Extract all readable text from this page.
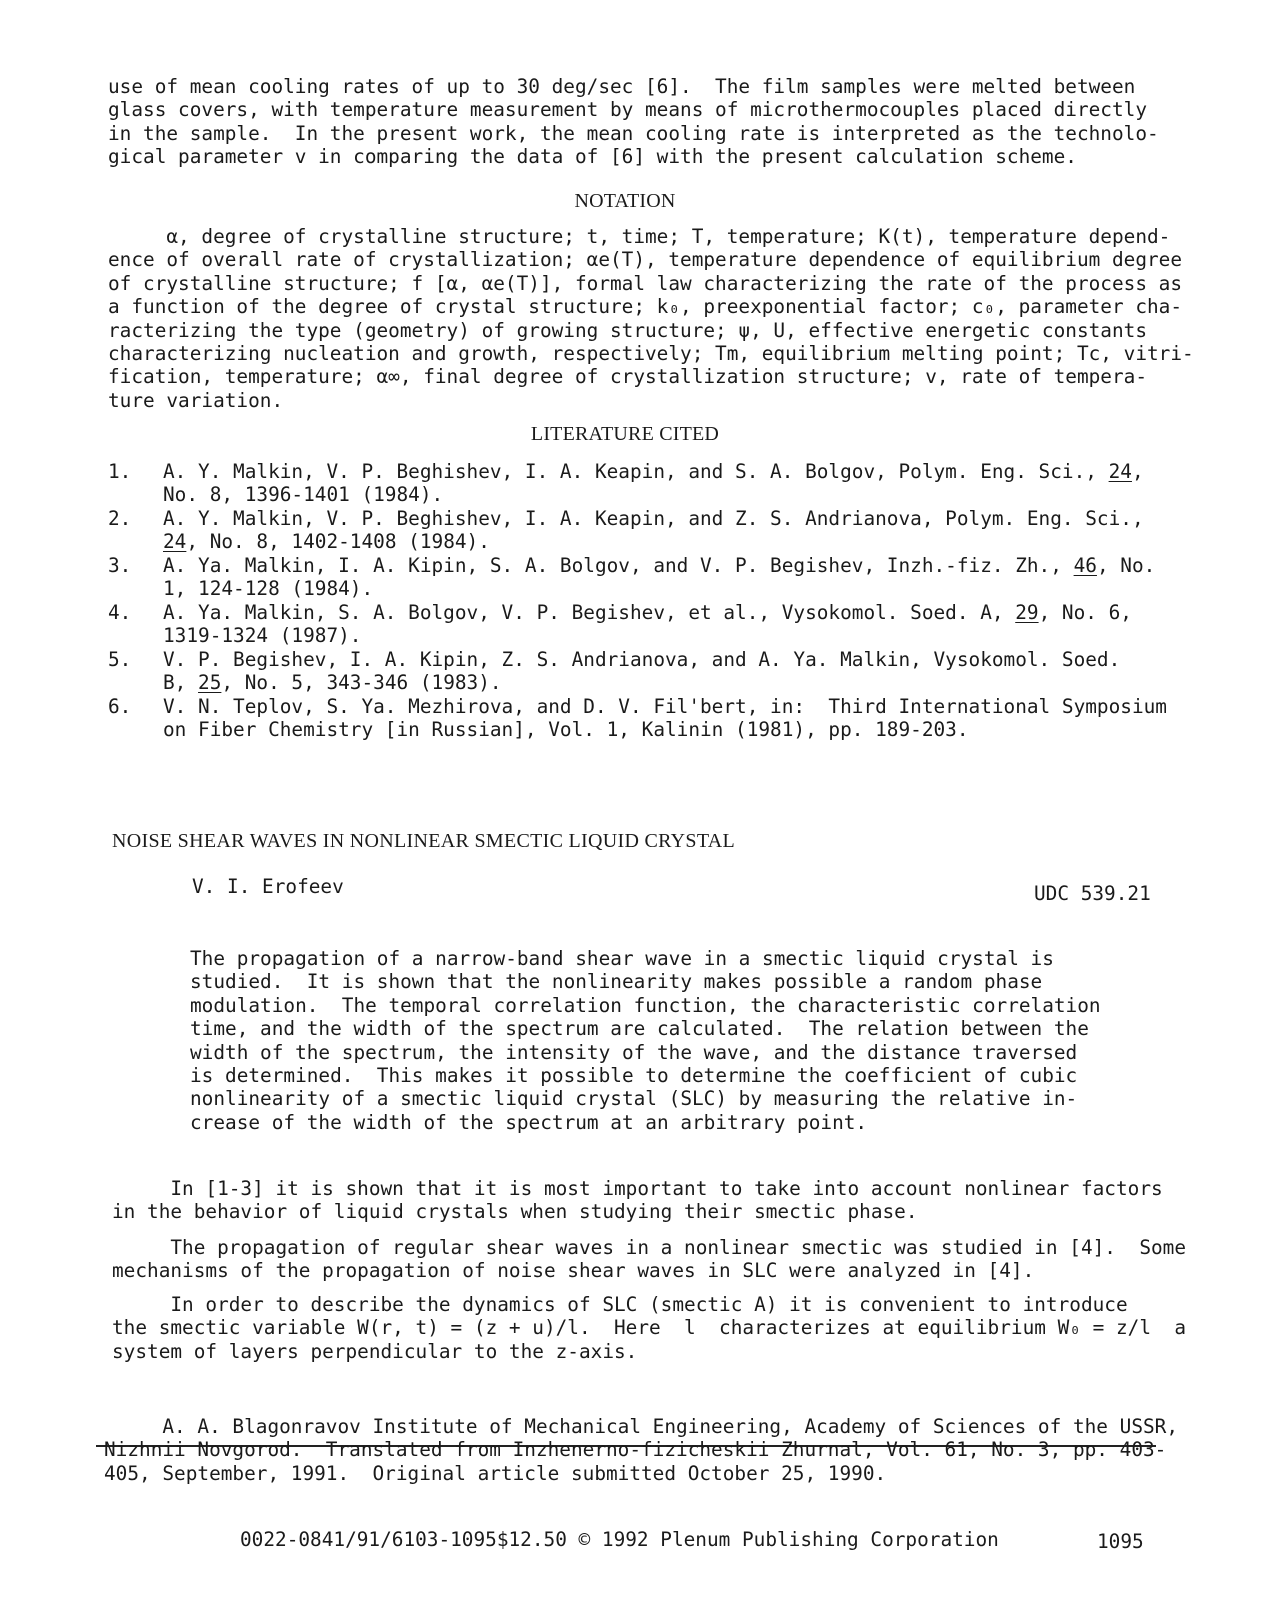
use of mean cooling rates of up to 30 deg/sec [6].  The film samples were melted between
glass covers, with temperature measurement by means of microthermocouples placed directly
in the sample.  In the present work, the mean cooling rate is interpreted as the technolo-
gical parameter v in comparing the data of [6] with the present calculation scheme.
NOTATION
α, degree of crystalline structure; t, time; T, temperature; K(t), temperature depend-
ence of overall rate of crystallization; αe(T), temperature dependence of equilibrium degree
of crystalline structure; f [α, αe(T)], formal law characterizing the rate of the process as
a function of the degree of crystal structure; k₀, preexponential factor; c₀, parameter cha-
racterizing the type (geometry) of growing structure; ψ, U, effective energetic constants
characterizing nucleation and growth, respectively; Tm, equilibrium melting point; Tc, vitri-
fication, temperature; α∞, final degree of crystallization structure; v, rate of tempera-
ture variation.
LITERATURE CITED
1. A. Y. Malkin, V. P. Beghishev, I. A. Keapin, and S. A. Bolgov, Polym. Eng. Sci., 24,
No. 8, 1396-1401 (1984).
2. A. Y. Malkin, V. P. Beghishev, I. A. Keapin, and Z. S. Andrianova, Polym. Eng. Sci.,
24, No. 8, 1402-1408 (1984).
3. A. Ya. Malkin, I. A. Kipin, S. A. Bolgov, and V. P. Begishev, Inzh.-fiz. Zh., 46, No.
1, 124-128 (1984).
4. A. Ya. Malkin, S. A. Bolgov, V. P. Begishev, et al., Vysokomol. Soed. A, 29, No. 6,
1319-1324 (1987).
5. V. P. Begishev, I. A. Kipin, Z. S. Andrianova, and A. Ya. Malkin, Vysokomol. Soed.
B, 25, No. 5, 343-346 (1983).
6. V. N. Teplov, S. Ya. Mezhirova, and D. V. Fil'bert, in:  Third International Symposium
on Fiber Chemistry [in Russian], Vol. 1, Kalinin (1981), pp. 189-203.
NOISE SHEAR WAVES IN NONLINEAR SMECTIC LIQUID CRYSTAL
V. I. Erofeev	UDC 539.21
The propagation of a narrow-band shear wave in a smectic liquid crystal is
studied.  It is shown that the nonlinearity makes possible a random phase
modulation.  The temporal correlation function, the characteristic correlation
time, and the width of the spectrum are calculated.  The relation between the
width of the spectrum, the intensity of the wave, and the distance traversed
is determined.  This makes it possible to determine the coefficient of cubic
nonlinearity of a smectic liquid crystal (SLC) by measuring the relative in-
crease of the width of the spectrum at an arbitrary point.
In [1-3] it is shown that it is most important to take into account nonlinear factors
in the behavior of liquid crystals when studying their smectic phase.
The propagation of regular shear waves in a nonlinear smectic was studied in [4].  Some
mechanisms of the propagation of noise shear waves in SLC were analyzed in [4].
In order to describe the dynamics of SLC (smectic A) it is convenient to introduce
the smectic variable W(r, t) = (z + u)/l.  Here  l  characterizes at equilibrium W₀ = z/l  a
system of layers perpendicular to the z-axis.
A. A. Blagonravov Institute of Mechanical Engineering, Academy of Sciences of the USSR,
Nizhnii Novgorod.  Translated from Inzhenerno-fizicheskii Zhurnal, Vol. 61, No. 3, pp. 403-
405, September, 1991.  Original article submitted October 25, 1990.
0022-0841/91/6103-1095$12.50 © 1992 Plenum Publishing Corporation	1095
